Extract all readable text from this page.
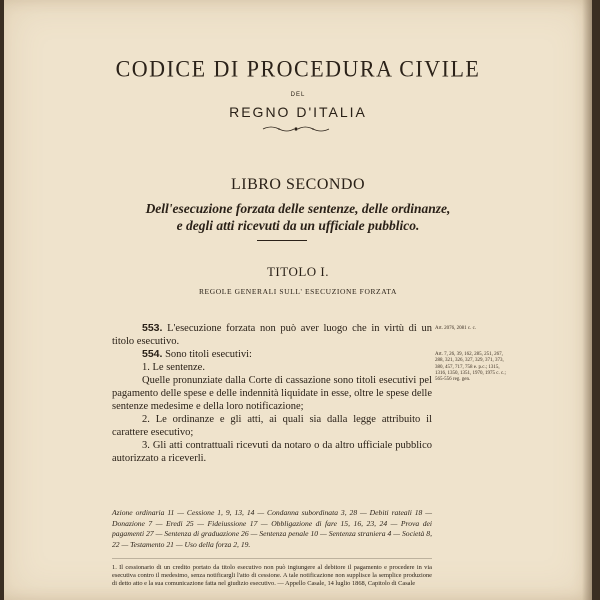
CODICE DI PROCEDURA CIVILE
DEL
REGNO D'ITALIA
LIBRO SECONDO
Dell'esecuzione forzata delle sentenze, delle ordinanze,
e degli atti ricevuti da un ufficiale pubblico.
TITOLO I.
REGOLE GENERALI SULL' ESECUZIONE FORZATA

553. L'esecuzione forzata non può aver luogo che in virtù di un titolo esecutivo.

554. Sono titoli esecutivi:

1. Le sentenze.

Quelle pronunziate dalla Corte di cassazione sono titoli esecutivi pel pagamento delle spese e delle indennità liquidate in esse, oltre le spese delle sentenze medesime e della loro notificazione;

2. Le ordinanze e gli atti, ai quali sia dalla legge attribuito il carattere esecutivo;

3. Gli atti contrattuali ricevuti da notaro o da altro ufficiale pubblico autorizzato a riceverli.

Art. 2076, 2081 c. c.
Art. 7, 26, 39, 162, 285, 251, 267, 288, 321, 326, 327, 329, 371, 373, 380, 457, 717, 758 e. p.c.; 1315, 1316, 1350, 1351, 1970, 1975 c. c.; 565-556 reg. gen.
Azione ordinaria 11 — Cessione 1, 9, 13, 14 — Condanna subordinata 3, 28 — Debiti rateali 18 — Donazione 7 — Eredi 25 — Fideiussione 17 — Obbligazione di fare 15, 16, 23, 24 — Prova dei pagamenti 27 — Sentenza di graduazione 26 — Sentenza penale 10 — Sentenza straniera 4 — Società 8, 22 — Testamento 21 — Uso della forza 2, 19.
1. Il cessionario di un credito portato da titolo esecutivo non può ingiungere al debitore il pagamento e procedere in via esecutiva contro il medesimo, senza notificargli l'atto di cessione. A tale notificazione non supplisce la semplice produzione di detto atto e la sua comunicazione fatta nel giudizio esecutivo. — Appello Casale, 14 luglio 1868, Capitolo di Casale
